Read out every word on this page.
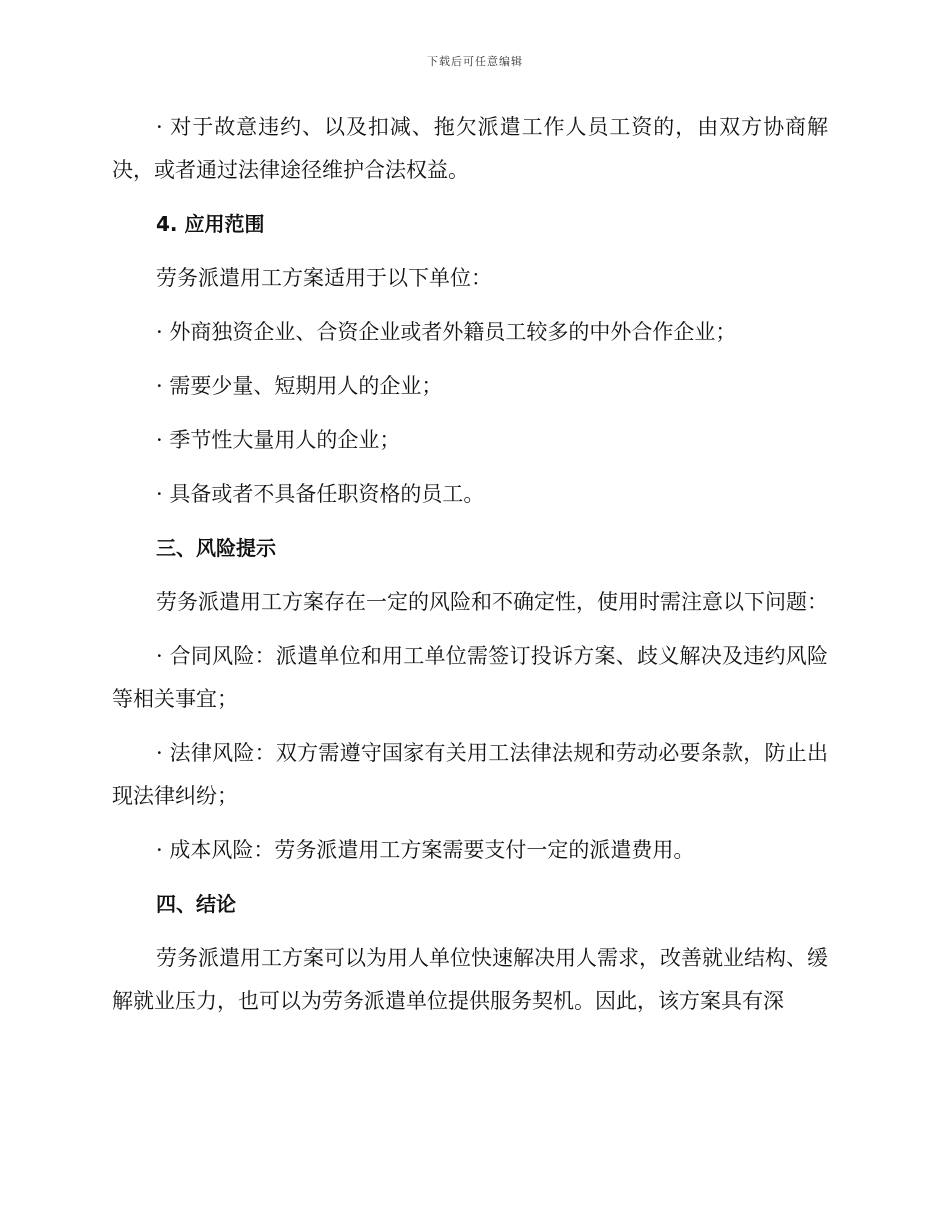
下载后可任意编辑

· 对于故意违约、以及扣减、拖欠派遣工作人员工资的，由双方协商解决，或者通过法律途径维护合法权益。

4. 应用范围

劳务派遣用工方案适用于以下单位：

· 外商独资企业、合资企业或者外籍员工较多的中外合作企业；

· 需要少量、短期用人的企业；

· 季节性大量用人的企业；

· 具备或者不具备任职资格的员工。

三、风险提示

劳务派遣用工方案存在一定的风险和不确定性，使用时需注意以下问题：

· 合同风险：派遣单位和用工单位需签订投诉方案、歧义解决及违约风险等相关事宜；

· 法律风险：双方需遵守国家有关用工法律法规和劳动必要条款，防止出现法律纠纷；

· 成本风险：劳务派遣用工方案需要支付一定的派遣费用。

四、结论

劳务派遣用工方案可以为用人单位快速解决用人需求，改善就业结构、缓解就业压力，也可以为劳务派遣单位提供服务契机。因此，该方案具有深
